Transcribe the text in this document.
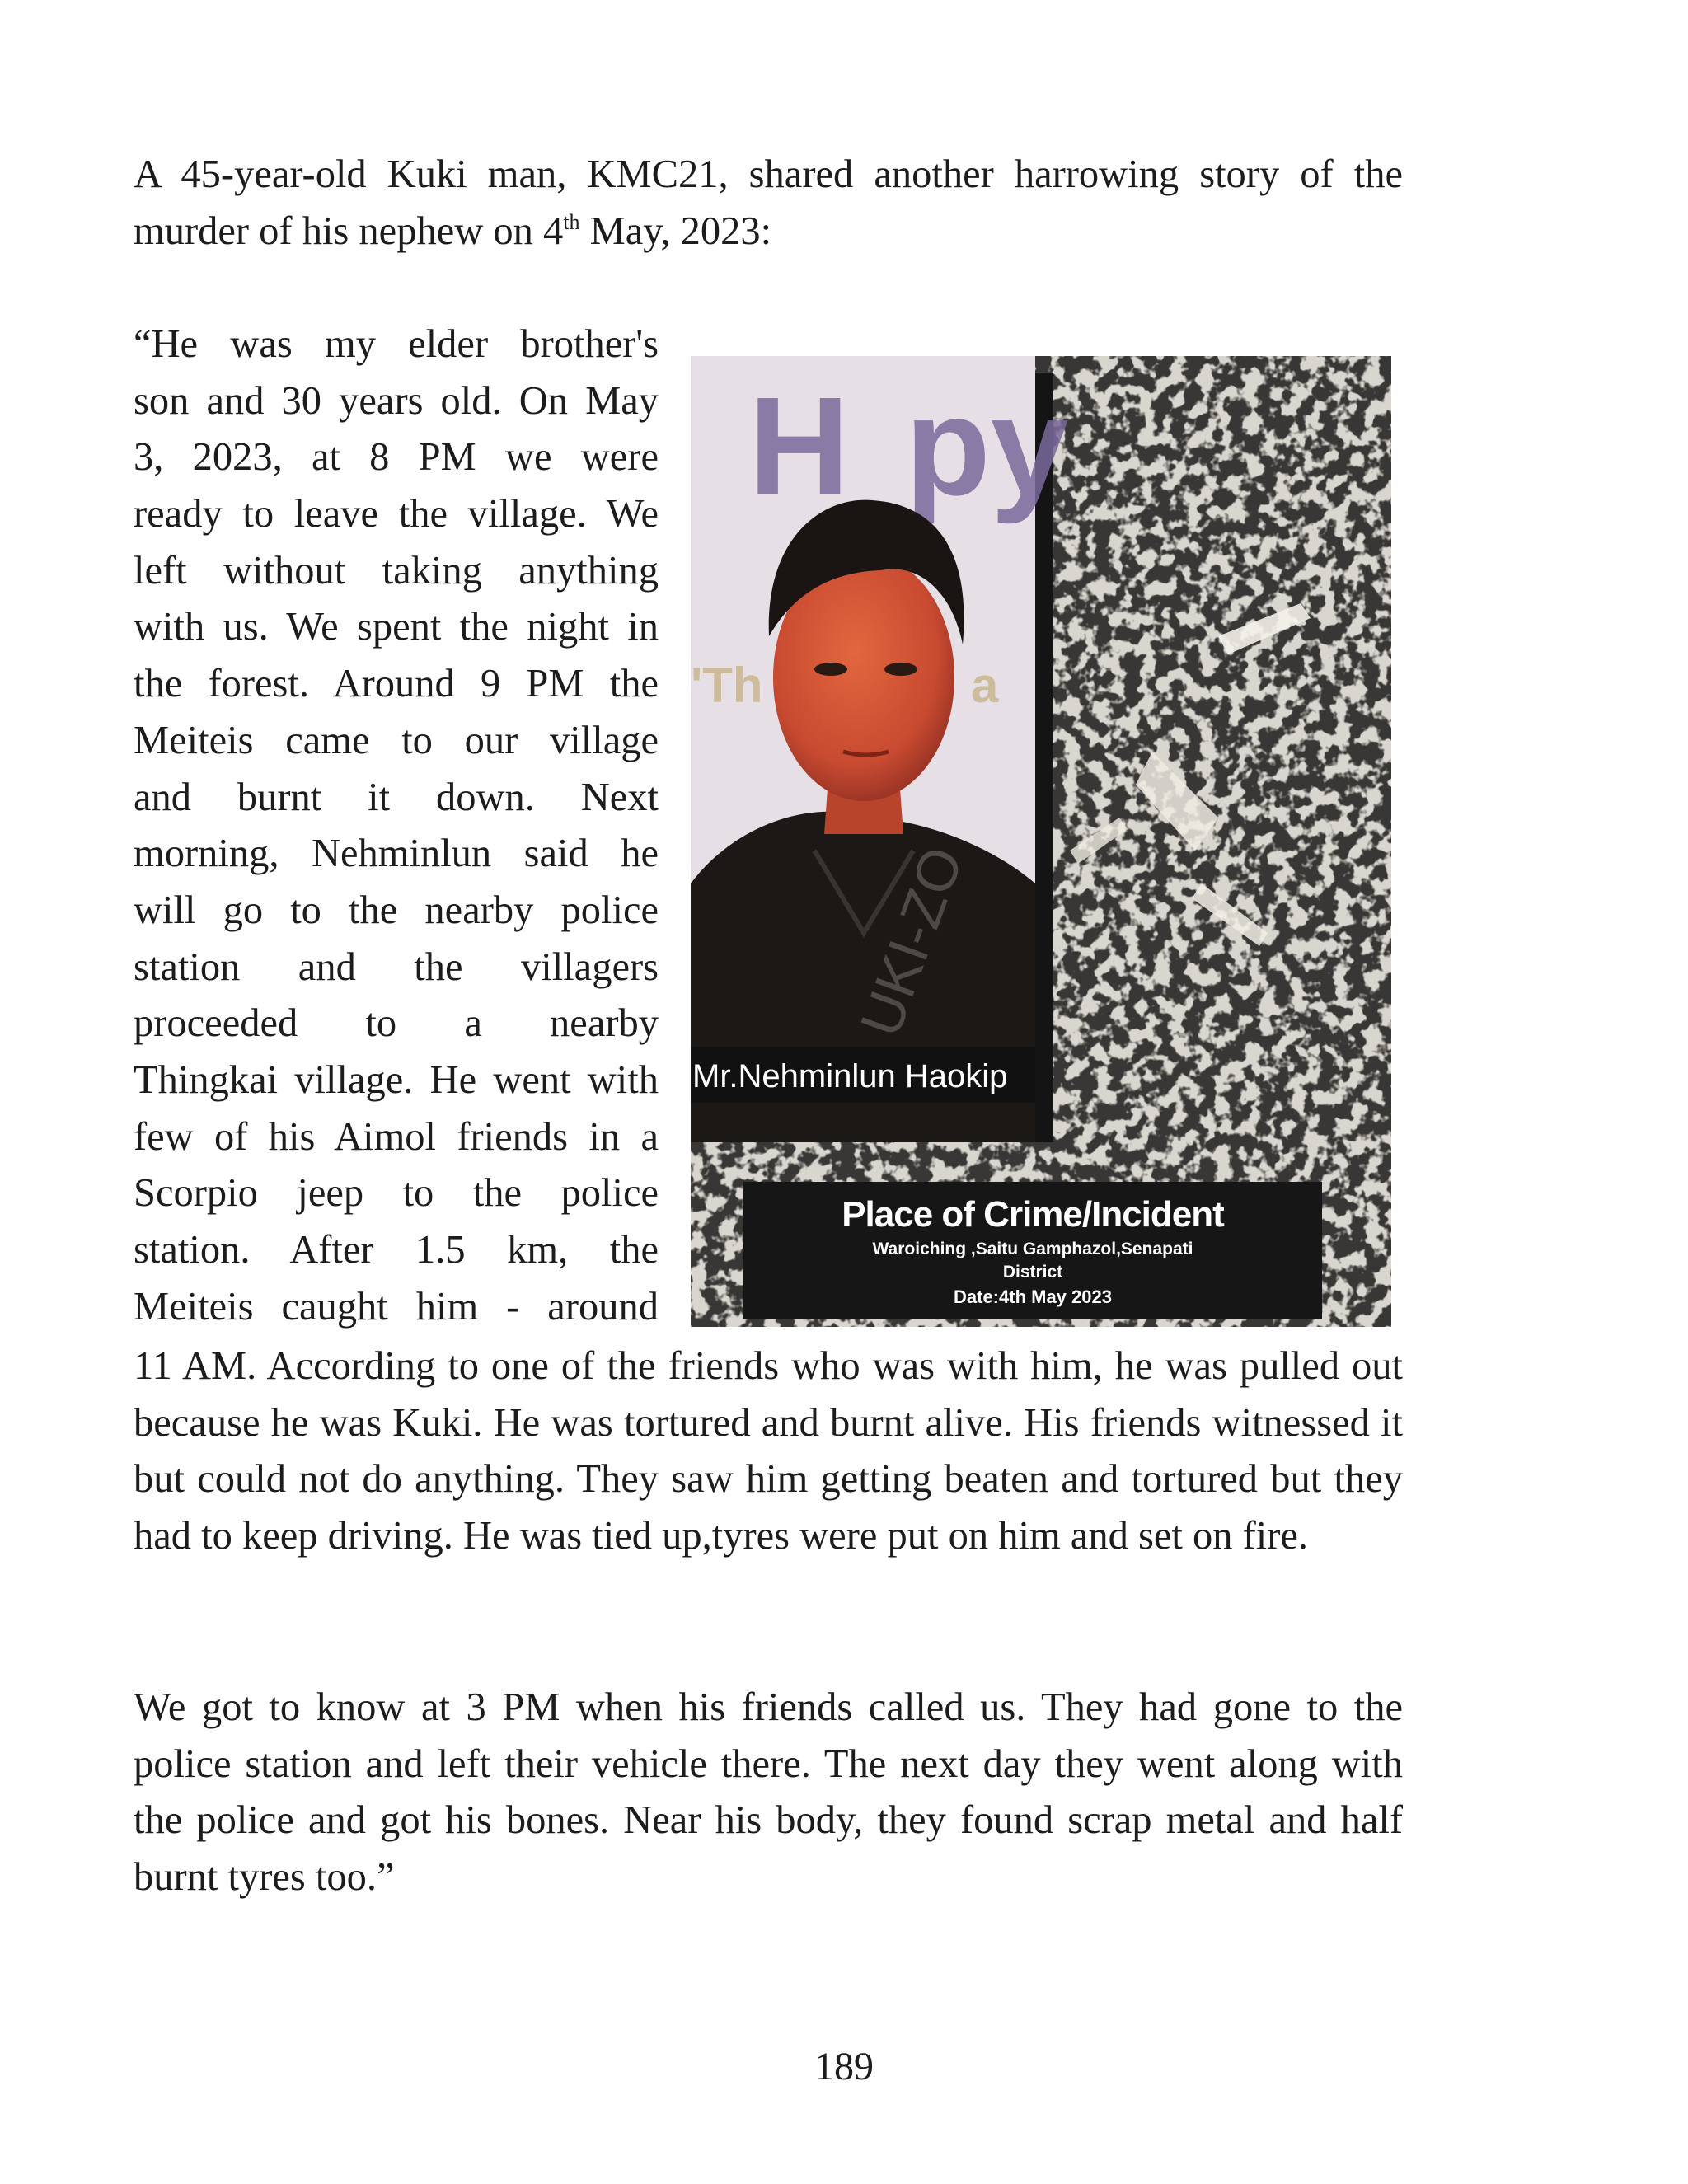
A 45-year-old Kuki man, KMC21, shared another harrowing story of the murder of his nephew on 4th May, 2023:
“He was my elder brother's
son and 30 years old. On May
3, 2023, at 8 PM we were
ready to leave the village. We
left without taking anything
with us. We spent the night in
the forest. Around 9 PM the
Meiteis came to our village
and burnt it down. Next
morning, Nehminlun said he
will go to the nearby police
station and the villagers
proceeded to a nearby
Thingkai village. He went with
few of his Aimol friends in a
Scorpio jeep to the police
station. After 1.5 km, the
Meiteis caught him - around
H py
'Th	a
UKI-ZO
Mr.Nehminlun Haokip
Place of Crime/Incident
Waroiching ,Saitu Gamphazol,Senapati
District
Date:4th May 2023
11 AM. According to one of the friends who was with him, he was pulled out because he was Kuki. He was tortured and burnt alive. His friends witnessed it but could not do anything. They saw him getting beaten and tortured but they had to keep driving. He was tied up,tyres were put on him and set on fire.
We got to know at 3 PM when his friends called us. They had gone to the police station and left their vehicle there. The next day they went along with the police and got his bones. Near his body, they found scrap metal and half burnt tyres too.”
189
